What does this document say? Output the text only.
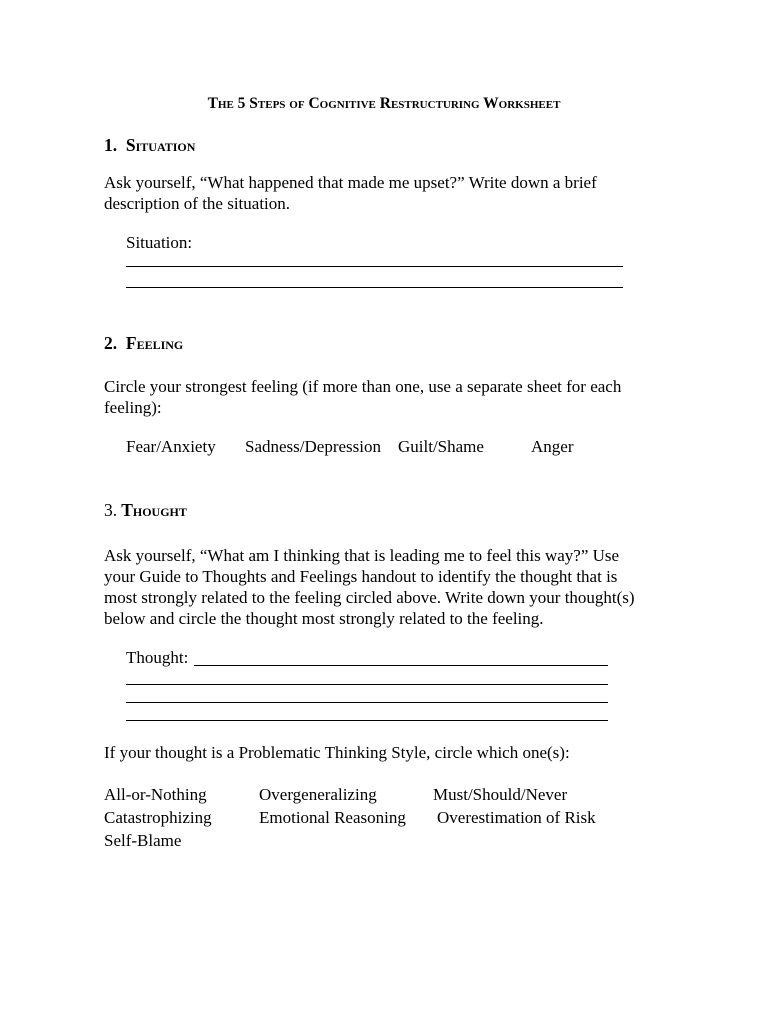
The 5 Steps of Cognitive Restructuring Worksheet
1. Situation

Ask yourself, “What happened that made me upset?” Write down a brief description of the situation.

Situation:

2. Feeling

Circle your strongest feeling (if more than one, use a separate sheet for each feeling):

Fear/Anxiety Sadness/Depression Guilt/Shame	Anger
3. Thought

Ask yourself, “What am I thinking that is leading me to feel this way?” Use your Guide to Thoughts and Feelings handout to identify the thought that is most strongly related to the feeling circled above. Write down your thought(s) below and circle the thought most strongly related to the feeling.

Thought:

If your thought is a Problematic Thinking Style, circle which one(s):

All-or-Nothing	Overgeneralizing	Must/Should/Never
Catastrophizing	Emotional Reasoning Overestimation of Risk
Self-Blame
